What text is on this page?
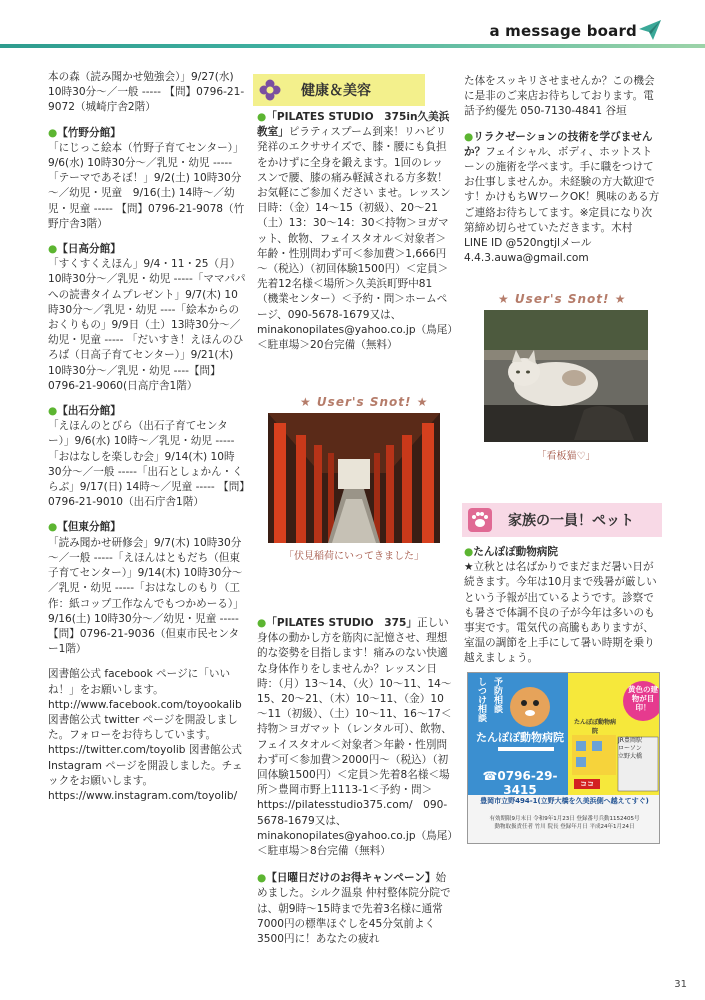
a message board

本の森（読み聞かせ勉強会）」9/27(水) 10時30分～／一般 ----- 【問】0796-21-9072（城崎庁舎2階）

●【竹野分館】

「にじっこ絵本（竹野子育てセンター）」9/6(水) 10時30分～／乳児・幼児 ----- 「テーマであそぼ！」9/2(土) 10時30分～／幼児・児童　9/16(土) 14時～／幼児・児童 ----- 【問】0796-21-9078（竹野庁舎3階）

●【日高分館】

「すくすくえほん」9/4・11・25（月）10時30分～／乳児・幼児 -----「ママパパへの読書タイムプレゼント」9/7(木) 10時30分～／乳児・幼児 ----「絵本からのおくりもの」9/9日（土）13時30分～／幼児・児童 ----- 「だいすき！えほんのひろば（日高子育てセンター）」9/21(木) 10時30分～／乳児・幼児 ----【問】0796-21-9060(日高庁舎1階）

●【出石分館】

「えほんのとびら（出石子育てセンター）」9/6(水) 10時～／乳児・幼児 -----「おはなしを楽しむ会」9/14(木) 10時30分～／一般 -----「出石としょかん・くらぶ」9/17(日) 14時～／児童 ----- 【問】0796-21-9010（出石庁舎1階）

●【但東分館】

「読み聞かせ研修会」9/7(木) 10時30分～／一般 -----「えほんはともだち（但東子育てセンター）」9/14(木) 10時30分～／乳児・幼児 -----「おはなしのもり（工作：紙コップ工作なんでもつかめーる）」9/16(土) 10時30分～／幼児・児童 ----- 【問】0796-21-9036（但東市民センター1階）

図書館公式 facebook ページに「いいね！」をお願いします。http://www.facebook.com/toyookalib 図書館公式 twitter ページを開設しました。フォローをお待ちしています。https://twitter.com/toyolib 図書館公式 Instagram ページを開設しました。チェックをお願いします。https://www.instagram.com/toyolib/

健康＆美容

●「PILATES STUDIO　375in久美浜教室」ピラティスプーム到来！リハビリ発祥のエクササイズで、膝・腰にも負担をかけずに全身を鍛えます。1回のレッスンで腰、膝の痛み軽減される方多数！お気軽にご参加ください ませ。レッスン日時：（金）14～15（初級）、20～21（土）13：30～14：30＜持物＞ヨガマット、飲物、フェイスタオル＜対象者＞年齢・性別問わず可＜参加費＞1,666円～（税込）（初回体験1500円）＜定員＞先着12名様＜場所＞久美浜町野中81（機業センター）＜予約・問＞ホームページ、090-5678-1679又は、minakonopilates@yahoo.co.jp（鳥尾）＜駐車場＞20台完備（無料）

★ User's Snot! ★
「伏見稲荷にいってきました」

●「PILATES STUDIO　375」正しい身体の動かし方を筋肉に記憶させ、理想的な姿勢を目指します！痛みのない快適な身体作りをしませんか？レッスン日時：（月）13～14、（火）10～11、14～15、20～21、（木）10～11、（金）10～11（初級）、（土）10～11、16～17＜持物＞ヨガマット（レンタル可）、飲物、フェイスタオル＜対象者＞年齢・性別問わず可＜参加費＞2000円～（税込）（初回体験1500円）＜定員＞先着8名様＜場所＞豊岡市野上1113-1＜予約・問＞https://pilatesstudio375.com/　090-5678-1679又は、minakonopilates@yahoo.co.jp（鳥尾）＜駐車場＞8台完備（無料）

●【日曜日だけのお得キャンペーン】始めました。シルク温泉 仲村整体院分院では、朝9時～15時まで先着3名様に通常7000円の標準ほぐしを45分気前よく3500円に！あなたの疲れ

た体をスッキリさせませんか？この機会に是非のご来店お待ちしております。電話予約優先 050-7130-4841 谷垣

●リラクゼーションの技術を学びませんか？フェイシャル、ボディ、ホットストーンの施術を学べます。手に職をつけてお仕事しませんか。未経験の方大歓迎です！かけもちWワークOK！興味のある方ご連絡お待ちしてます。※定員になり次第締め切らせていただきます。木村　LINE ID @520ngtjlメール 4.4.3.auwa@gmail.com

★ User's Snot! ★
「看板猫♡」
家族の一員！ペット

●たんぽぽ動物病院

★立秋とは名ばかりでまだまだ暑い日が続きます。今年は10月まで残暑が厳しいという予報が出ているようです。診察でも暑さで体調不良の子が今年は多いのも事実です。電気代の高騰もありますが、室温の調節を上手にして暑い時期を乗り越えましょう。

しつけ相談 予防相談	黄色の建物が目印！
たんぽぽ動物病院
たんぽぽ動物病院
JR豊岡駅
ローソン
立野大橋
ココ
☎0796-29-3415
豊岡市立野494-1(立野大橋を久美浜側へ越えてすぐ)
有効期限9月末日 令和9年1月23日 登録番号兵動1152405号
動物取扱責任者 竹川 院長 登録年月日 平成24年1月24日
31
